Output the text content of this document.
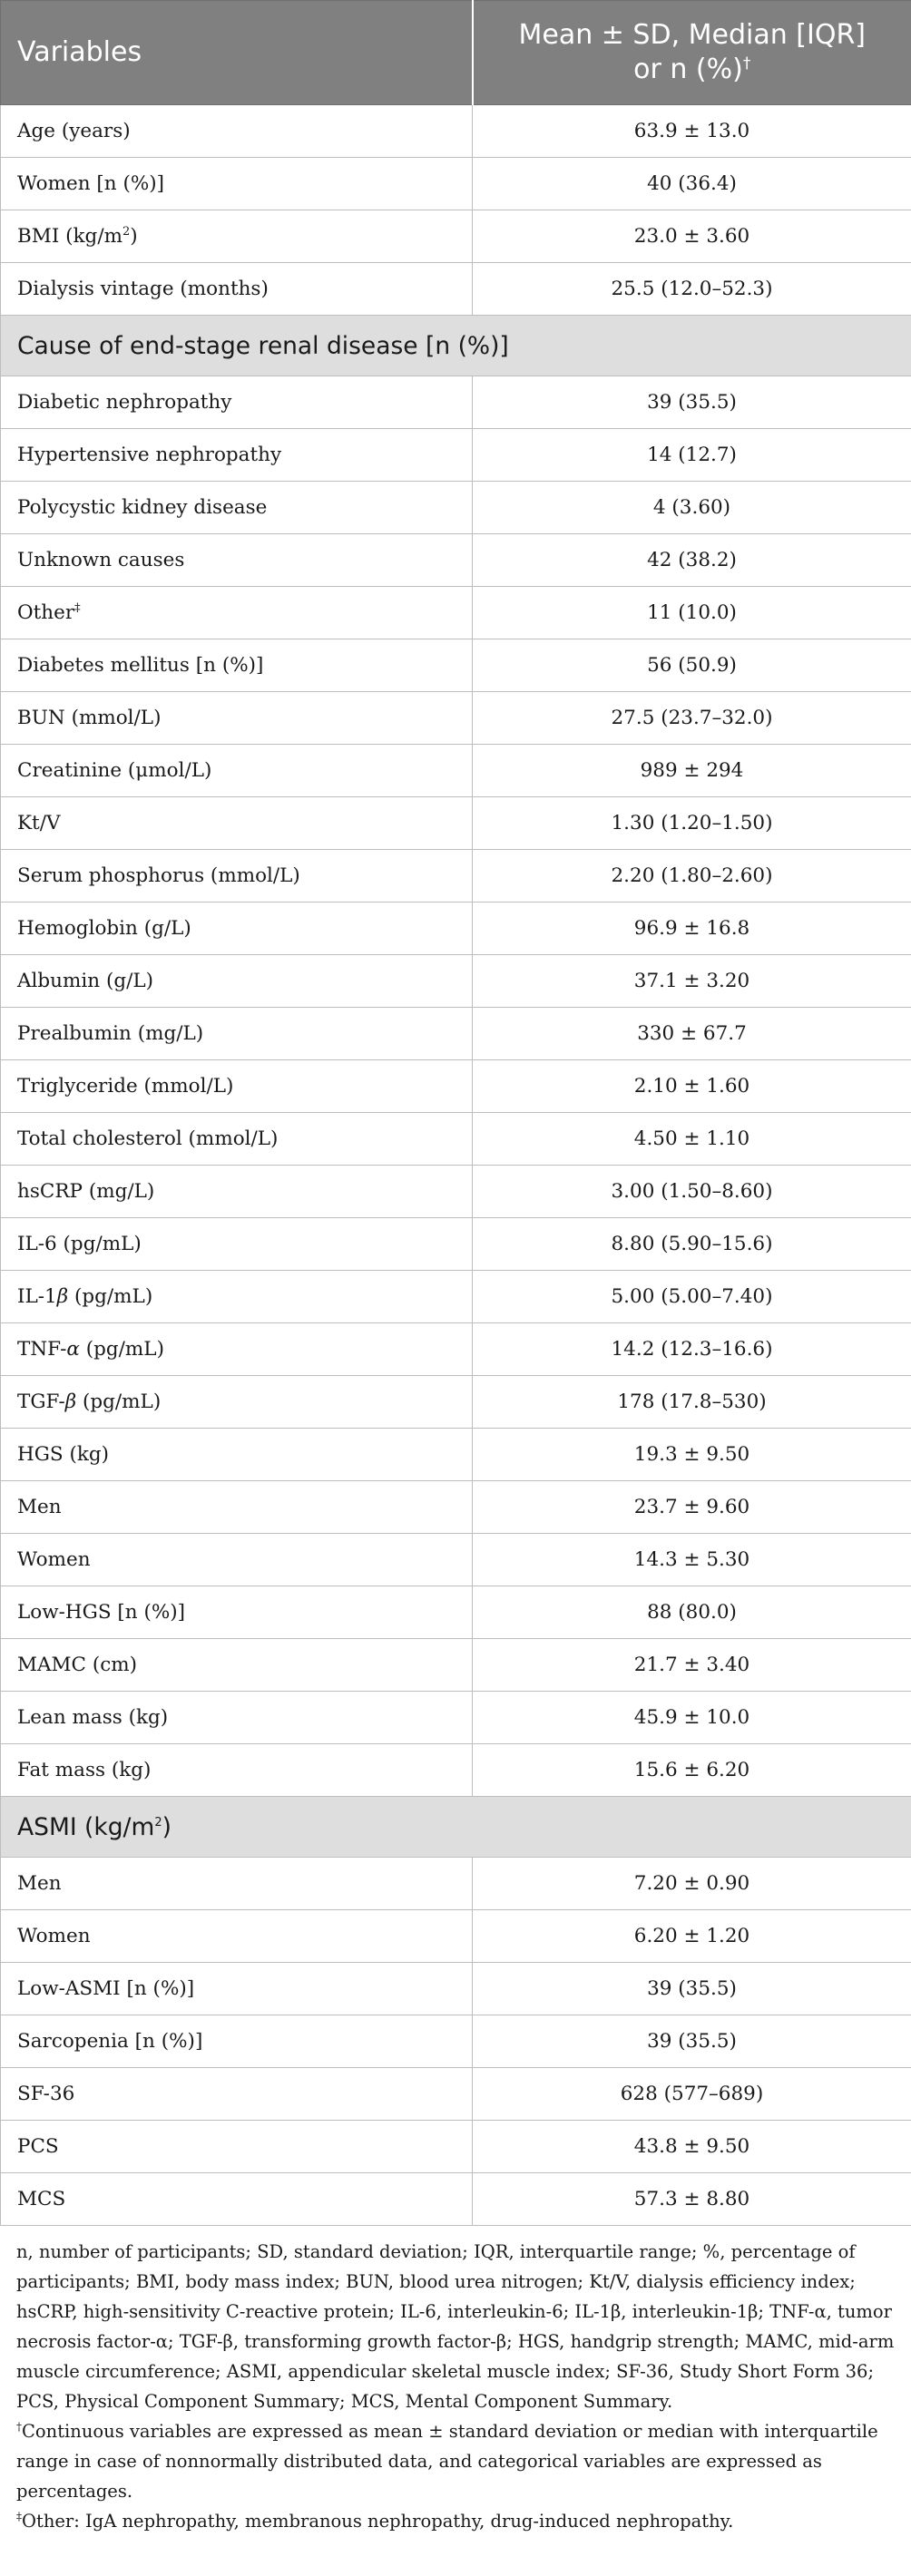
Variables	Mean ± SD, Median [IQR] or n (%)†
Age (years)	63.9 ± 13.0
Women [n (%)]	40 (36.4)
BMI $(kg/m^2)$	23.0 ± 3.60
Dialysis vintage (months)	25.5 (12.0–52.3)
Cause of end-stage renal disease [n (%)]	
Diabetic nephropathy	39 (35.5)
Hypertensive nephropathy	14 (12.7)
Polycystic kidney disease	4 (3.60)
Unknown causes	42 (38.2)
Other‡	11 (10.0)
Diabetes mellitus [n (%)]	56 (50.9)
BUN (mmol/L)	27.5 (23.7–32.0)
Creatinine (μmol/L)	989 ± 294
Kt/V	1.30 (1.20–1.50)
Serum phosphorus (mmol/L)	2.20 (1.80–2.60)
Hemoglobin (g/L)	96.9 ± 16.8
Albumin (g/L)	37.1 ± 3.20
Prealbumin (mg/L)	330 ± 67.7
Triglyceride (mmol/L)	2.10 ± 1.60
Total cholesterol (mmol/L)	4.50 ± 1.10
hsCRP (mg/L)	3.00 (1.50–8.60)
IL-6 (pg/mL)	8.80 (5.90–15.6)
IL-1β (pg/mL)	5.00 (5.00–7.40)
TNF-α (pg/mL)	14.2 (12.3–16.6)
TGF-β (pg/mL)	178 (17.8–530)
HGS (kg)	19.3 ± 9.50
Men	23.7 ± 9.60
Women	14.3 ± 5.30
Low-HGS [n (%)]	88 (80.0)
MAMC (cm)	21.7 ± 3.40
Lean mass (kg)	45.9 ± 10.0
Fat mass (kg)	15.6 ± 6.20
ASMI $(kg/m^2)$	
Men	7.20 ± 0.90
Women	6.20 ± 1.20
Low-ASMI [n (%)]	39 (35.5)
Sarcopenia [n (%)]	39 (35.5)
SF-36	628 (577–689)
PCS	43.8 ± 9.50
MCS	57.3 ± 8.80

n, number of participants; SD, standard deviation; IQR, interquartile range; %, percentage of participants; BMI, body mass index; BUN, blood urea nitrogen; Kt/V, dialysis efficiency index; hsCRP, high-sensitivity C-reactive protein; IL-6, interleukin-6; IL-1β, interleukin-1β; TNF-α, tumor necrosis factor-α; TGF-β, transforming growth factor-β; HGS, handgrip strength; MAMC, mid-arm muscle circumference; ASMI, appendicular skeletal muscle index; SF-36, Study Short Form 36; PCS, Physical Component Summary; MCS, Mental Component Summary.

†Continuous variables are expressed as mean ± standard deviation or median with interquartile range in case of nonnormally distributed data, and categorical variables are expressed as percentages.

‡Other: IgA nephropathy, membranous nephropathy, drug-induced nephropathy.
